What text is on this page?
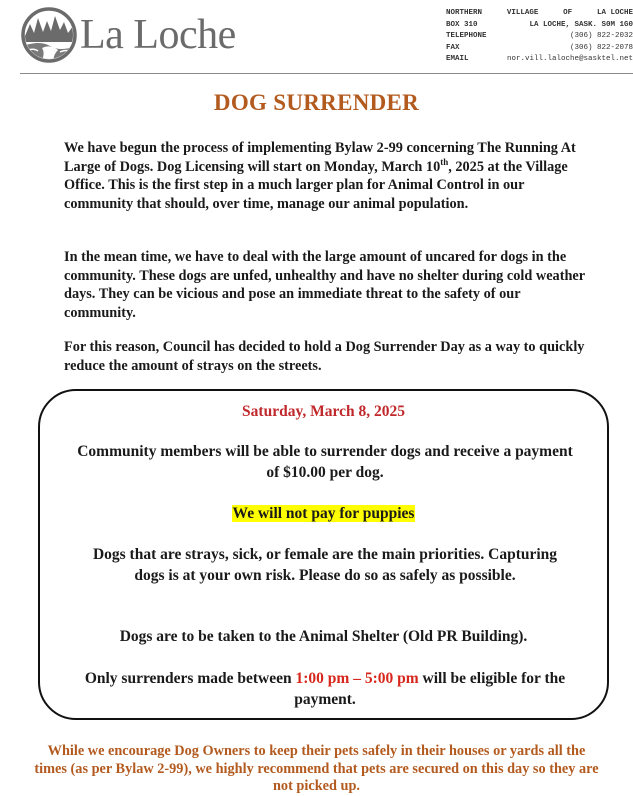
La Loche	NORTHERN	VILLAGE	OF	LA LOCHE
BOX 310	LA LOCHE, SASK. S0M 1G0
TELEPHONE	(306) 822-2032
FAX	(306) 822-2078
EMAIL	nor.vill.laloche@sasktel.net
DOG SURRENDER

We have begun the process of implementing Bylaw 2-99 concerning The Running At Large of Dogs. Dog Licensing will start on Monday, March 10th, 2025 at the Village Office. This is the first step in a much larger plan for Animal Control in our community that should, over time, manage our animal population.

In the mean time, we have to deal with the large amount of uncared for dogs in the community. These dogs are unfed, unhealthy and have no shelter during cold weather days. They can be vicious and pose an immediate threat to the safety of our community.

For this reason, Council has decided to hold a Dog Surrender Day as a way to quickly reduce the amount of strays on the streets.

Saturday, March 8, 2025

Community members will be able to surrender dogs and receive a payment of $10.00 per dog.

We will not pay for puppies

Dogs that are strays, sick, or female are the main priorities. Capturing dogs is at your own risk. Please do so as safely as possible.

Dogs are to be taken to the Animal Shelter (Old PR Building).

Only surrenders made between 1:00 pm – 5:00 pm will be eligible for the payment.

While we encourage Dog Owners to keep their pets safely in their houses or yards all the times (as per Bylaw 2-99), we highly recommend that pets are secured on this day so they are not picked up.
